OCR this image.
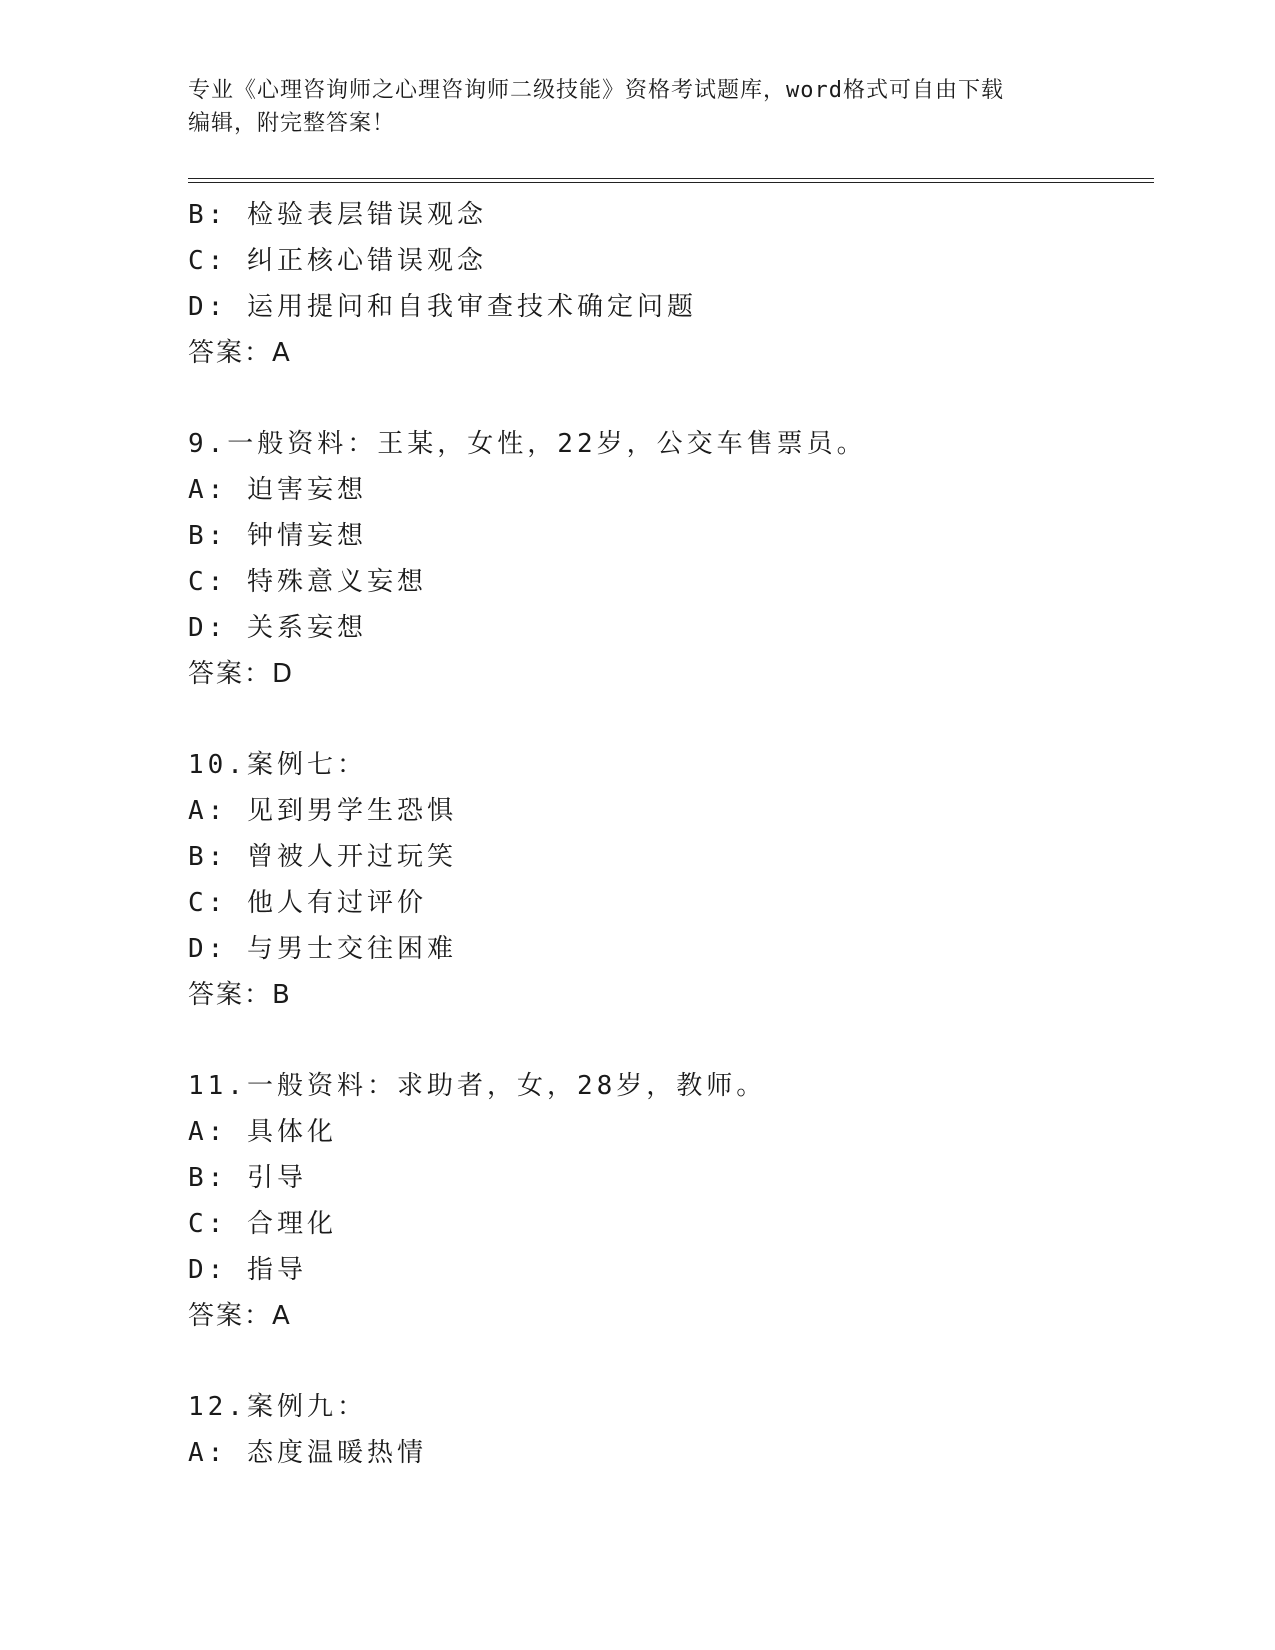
专业《心理咨询师之心理咨询师二级技能》资格考试题库，word格式可自由下载
编辑，附完整答案！
B: 检验表层错误观念
C: 纠正核心错误观念
D: 运用提问和自我审查技术确定问题
答案：A
9.一般资料：王某，女性，22岁，公交车售票员。
A: 迫害妄想
B: 钟情妄想
C: 特殊意义妄想
D: 关系妄想
答案：D
10.案例七：
A: 见到男学生恐惧
B: 曾被人开过玩笑
C: 他人有过评价
D: 与男士交往困难
答案：B
11.一般资料：求助者，女，28岁，教师。
A: 具体化
B: 引导
C: 合理化
D: 指导
答案：A
12.案例九：
A: 态度温暖热情
